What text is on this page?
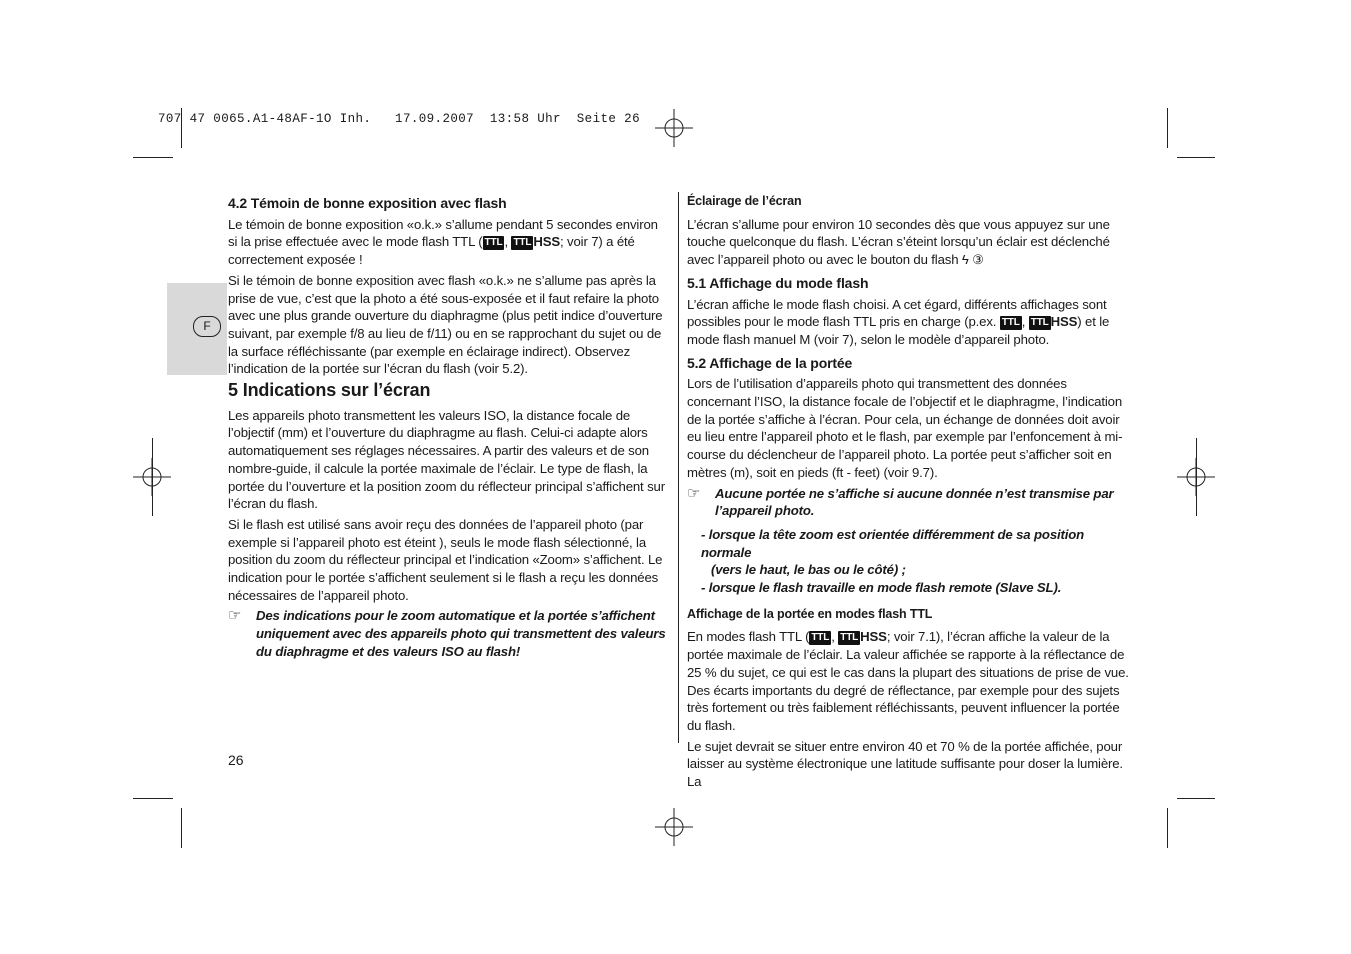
707 47 0065.A1-48AF-1O Inh.   17.09.2007  13:58 Uhr  Seite 26
F
4.2 Témoin de bonne exposition avec flash

Le témoin de bonne exposition «o.k.» s’allume pendant 5 secondes environ si la prise effectuée avec le mode flash TTL ( TTL , TTL HSS; voir 7) a été correctement exposée !

Si le témoin de bonne exposition avec flash «o.k.» ne s’allume pas après la prise de vue, c’est que la photo a été sous-exposée et il faut refaire la photo avec une plus grande ouverture du diaphragme (plus petit indice d’ouverture suivant, par exemple f/8 au lieu de f/11) ou en se rapprochant du sujet ou de la surface réfléchissante (par exemple en éclairage indirect). Observez l’indication de la portée sur l’écran du flash (voir 5.2).

5 Indications sur l’écran

Les appareils photo transmettent les valeurs ISO, la distance focale de l’objectif (mm) et l’ouverture du diaphragme au flash. Celui-ci adapte alors automatiquement ses réglages nécessaires. A partir des valeurs et de son nombre-guide, il calcule la portée maximale de l’éclair. Le type de flash, la portée du l’ouverture et la position zoom du réflecteur principal s’affichent sur l’écran du flash.

Si le flash est utilisé sans avoir reçu des données de l’appareil photo (par exemple si l’appareil photo est éteint ), seuls le mode flash sélectionné, la position du zoom du réflecteur principal et l’indication «Zoom» s’affichent. Le indication pour le portée s’affichent seulement si le flash a reçu les données nécessaires de l’appareil photo.

☞	Des indications pour le zoom automatique et la portée s’affichent uniquement avec des appareils photo qui transmettent des valeurs du diaphragme et des valeurs ISO au flash!
Éclairage de l’écran

L’écran s’allume pour environ 10 secondes dès que vous appuyez sur une touche quelconque du flash. L’écran s’éteint lorsqu’un éclair est déclenché avec l’appareil photo ou avec le bouton du flash ϟ ③

5.1 Affichage du mode flash

L’écran affiche le mode flash choisi. A cet égard, différents affichages sont possibles pour le mode flash TTL pris en charge (p.ex. TTL , TTL HSS) et le mode flash manuel M (voir 7), selon le modèle d’appareil photo.

5.2 Affichage de la portée

Lors de l’utilisation d’appareils photo qui transmettent des données concernant l’ISO, la distance focale de l’objectif et le diaphragme, l’indication de la portée s’affiche à l’écran. Pour cela, un échange de données doit avoir eu lieu entre l’appareil photo et le flash, par exemple par l’enfoncement à mi-course du déclencheur de l’appareil photo. La portée peut s’afficher soit en mètres (m), soit en pieds (ft - feet) (voir 9.7).

☞	Aucune portée ne s’affiche si aucune donnée n’est transmise par l’appareil photo.
- lorsque la tête zoom est orientée différemment de sa position normale
(vers le haut, le bas ou le côté) ;
- lorsque le flash travaille en mode flash remote (Slave SL).
Affichage de la portée en modes flash TTL

En modes flash TTL ( TTL , TTL HSS; voir 7.1), l’écran affiche la valeur de la portée maximale de l’éclair. La valeur affichée se rapporte à la réflectance de 25 % du sujet, ce qui est le cas dans la plupart des situations de prise de vue. Des écarts importants du degré de réflectance, par exemple pour des sujets très fortement ou très faiblement réfléchissants, peuvent influencer la portée du flash.

Le sujet devrait se situer entre environ 40 et 70 % de la portée affichée, pour laisser au système électronique une latitude suffisante pour doser la lumière. La

26
